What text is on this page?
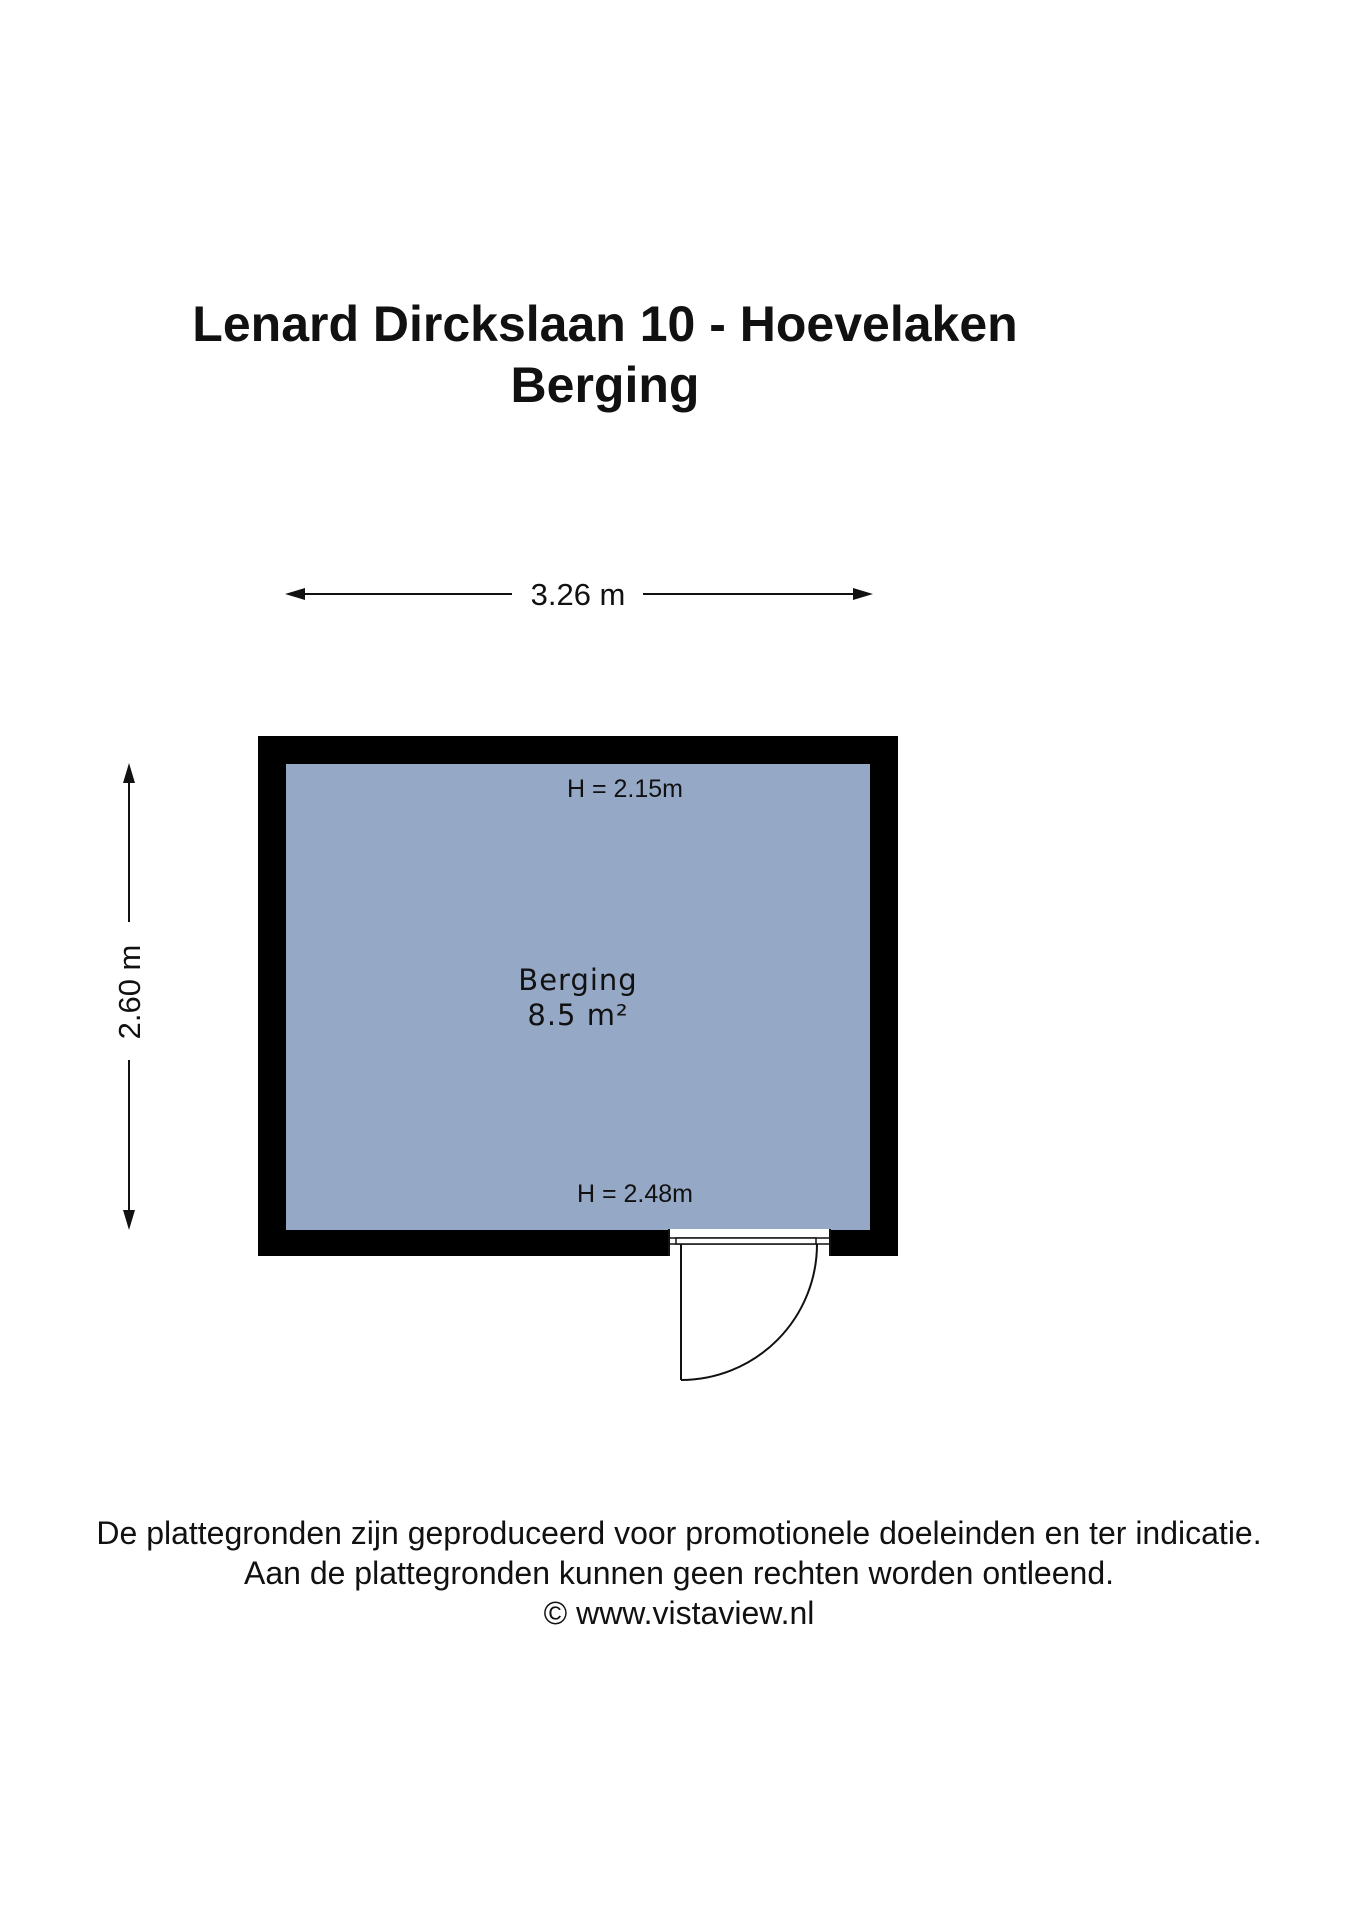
Lenard Dirckslaan 10 - Hoevelaken
Berging
3.26 m
2.60 m
H = 2.15m
Berging
8.5 m²
H = 2.48m
De plattegronden zijn geproduceerd voor promotionele doeleinden en ter indicatie.
Aan de plattegronden kunnen geen rechten worden ontleend.
© www.vistaview.nl
